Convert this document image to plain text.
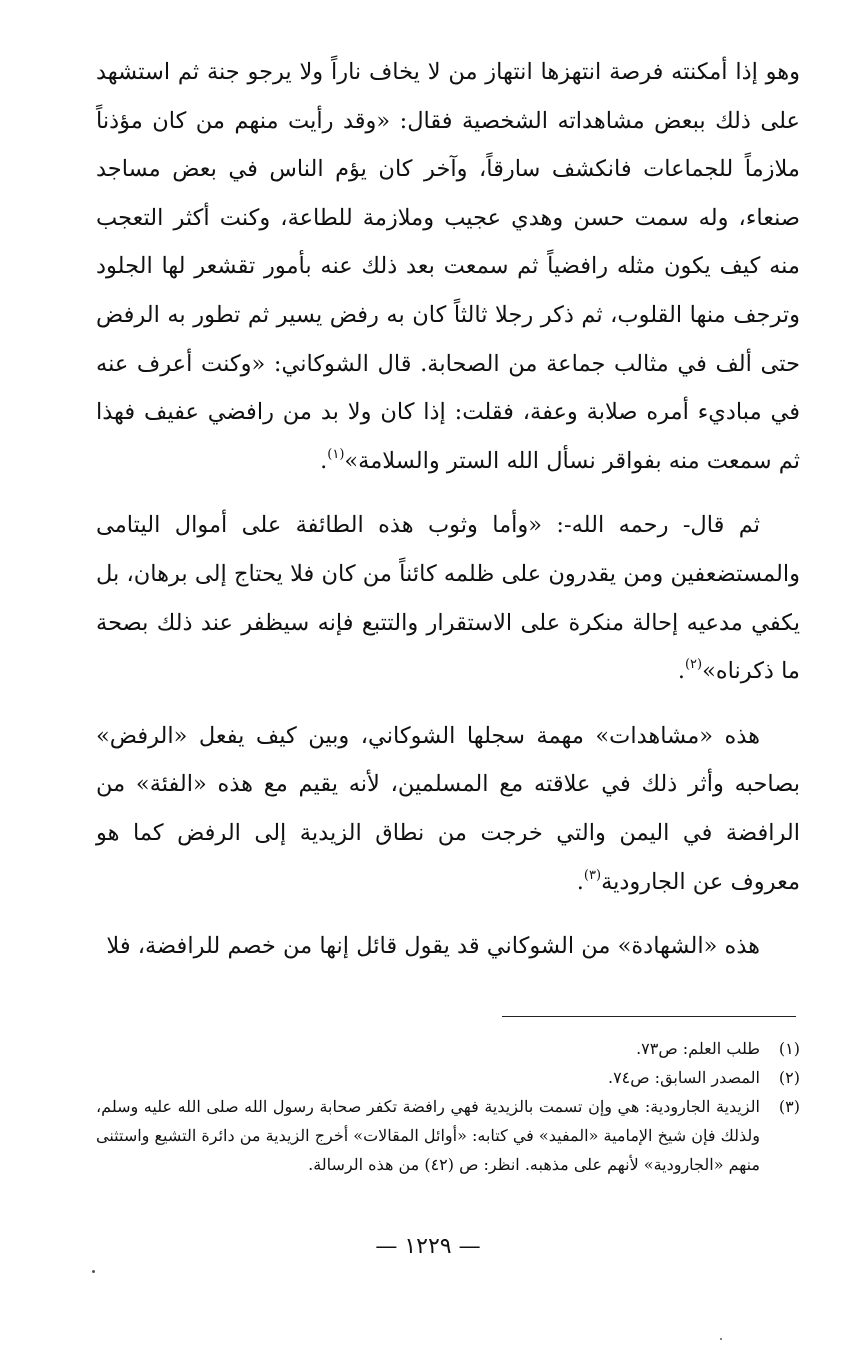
وهو إذا أمكنته فرصة انتهزها انتهاز من لا يخاف ناراً ولا يرجو جنة ثم استشهد على ذلك ببعض مشاهداته الشخصية فقال: «وقد رأيت منهم من كان مؤذناً ملازماً للجماعات فانكشف سارقاً، وآخر كان يؤم الناس في بعض مساجد صنعاء، وله سمت حسن وهدي عجيب وملازمة للطاعة، وكنت أكثر التعجب منه كيف يكون مثله رافضياً ثم سمعت بعد ذلك عنه بأمور تقشعر لها الجلود وترجف منها القلوب، ثم ذكر رجلا ثالثاً كان به رفض يسير ثم تطور به الرفض حتى ألف في مثالب جماعة من الصحابة. قال الشوكاني: «وكنت أعرف عنه في مباديء أمره صلابة وعفة، فقلت: إذا كان ولا بد من رافضي عفيف فهذا ثم سمعت منه بفواقر نسأل الله الستر والسلامة»$^{(١)}$.

ثم قال- رحمه الله-: «وأما وثوب هذه الطائفة على أموال اليتامى والمستضعفين ومن يقدرون على ظلمه كائناً من كان فلا يحتاج إلى برهان، بل يكفي مدعيه إحالة منكرة على الاستقرار والتتبع فإنه سيظفر عند ذلك بصحة ما ذكرناه»$^{(٢)}$.

هذه «مشاهدات» مهمة سجلها الشوكاني، وبين كيف يفعل «الرفض» بصاحبه وأثر ذلك في علاقته مع المسلمين، لأنه يقيم مع هذه «الفئة» من الرافضة في اليمن والتي خرجت من نطاق الزيدية إلى الرفض كما هو معروف عن الجارودية$^{(٣)}$.

هذه «الشهادة» من الشوكاني قد يقول قائل إنها من خصم للرافضة، فلا

(١)
طلب العلم: ص٧٣.
(٢)
المصدر السابق: ص٧٤.
(٣)
الزيدية الجارودية: هي وإن تسمت بالزيدية فهي رافضة تكفر صحابة رسول الله صلى الله عليه وسلم، ولذلك فإن شيخ الإمامية «المفيد» في كتابه: «أوائل المقالات» أخرج الزيدية من دائرة التشيع واستثنى منهم «الجارودية» لأنهم على مذهبه. انظر: ص (٤٢) من هذه الرسالة.
— ١٢٢٩ —
